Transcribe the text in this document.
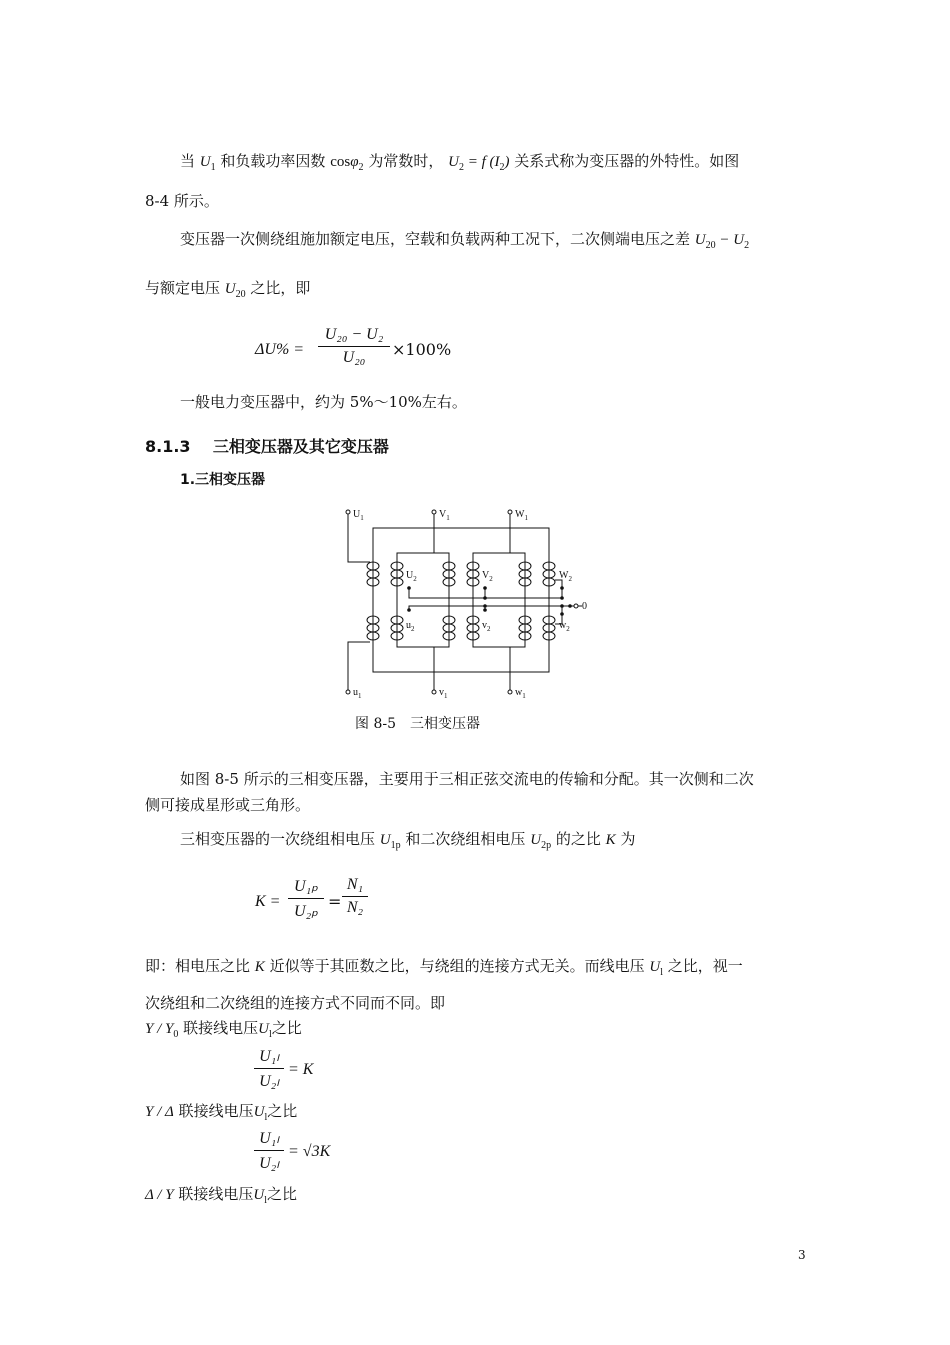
当 $U_1$ 和负载功率因数 cosφ$_2$ 为常数时， $U_2 = f$ $(I_2)$ 关系式称为变压器的外特性。如图
8-4 所示。
变压器一次侧绕组施加额定电压，空载和负载两种工况下，二次侧端电压之差 $U_{20} - U_2$
与额定电压 $U_{20}$ 之比，即
ΔU% =
U₂₀ − U₂
U₂₀	×100%
一般电力变压器中，约为 5%～10%左右。
8.1.3 三相变压器及其它变压器
1.三相变压器
$U_1$	$V_1$	$W_1$
$U_2$	$V_2$	$W_2$
0
$u_2$	$v_2$	$w_2$
$u_1$	$v_1$	$w_1$
图 8-5　三相变压器
如图 8-5 所示的三相变压器，主要用于三相正弦交流电的传输和分配。其一次侧和二次
侧可接成星形或三角形。
三相变压器的一次绕组相电压 $U_{1p}$ 和二次绕组相电压 $U_{2p}$ 的之比 K 为
K =
U₁ₚ
U₂ₚ
=
N₁
N₂
即：相电压之比 K 近似等于其匝数之比，与绕组的连接方式无关。而线电压 $U_l$ 之比，视一
次绕组和二次绕组的连接方式不同而不同。即
Y / $Y_0$ 联接线电压$U_l$之比
U₁ₗ
U₂ₗ
= K
Y / Δ 联接线电压$U_l$之比
U₁ₗ
U₂ₗ
= √3K
Δ / Y 联接线电压$U_l$之比
3
